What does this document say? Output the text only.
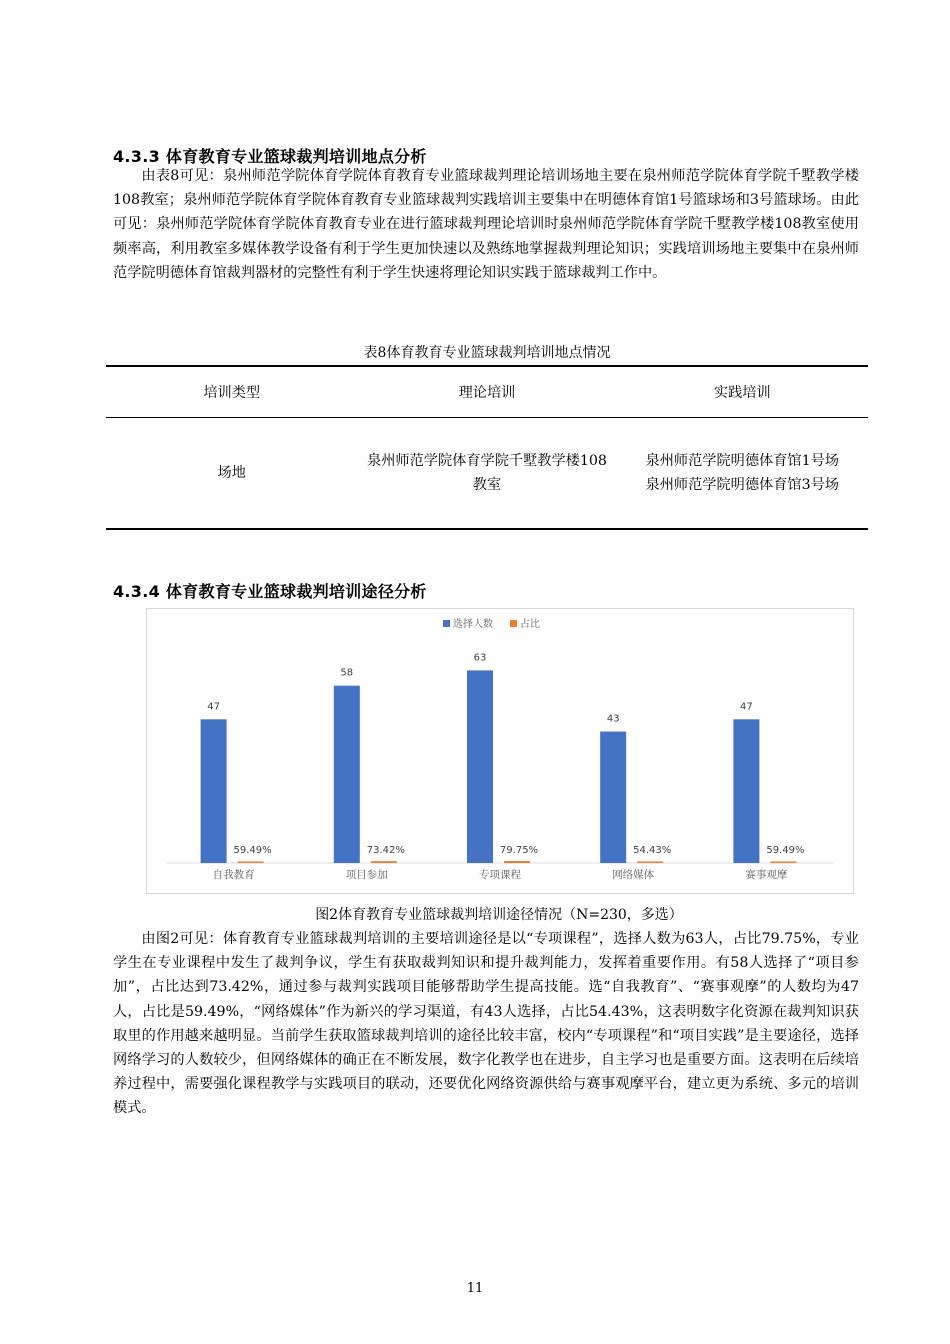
4.3.3 体育教育专业篮球裁判培训地点分析
由表8可见：泉州师范学院体育学院体育教育专业篮球裁判理论培训场地主要在泉州师范学院体育学院千墅教学楼108教室；泉州师范学院体育学院体育教育专业篮球裁判实践培训主要集中在明德体育馆1号篮球场和3号篮球场。由此可见：泉州师范学院体育学院体育教育专业在进行篮球裁判理论培训时泉州师范学院体育学院千墅教学楼108教室使用频率高，利用教室多媒体教学设备有利于学生更加快速以及熟练地掌握裁判理论知识；实践培训场地主要集中在泉州师范学院明德体育馆裁判器材的完整性有利于学生快速将理论知识实践于篮球裁判工作中。
表8体育教育专业篮球裁判培训地点情况
培训类型	理论培训	实践培训
场地	泉州师范学院体育学院千墅教学楼108教室	泉州师范学院明德体育馆1号场
泉州师范学院明德体育馆3号场
4.3.4 体育教育专业篮球裁判培训途径分析
选择人数	占比
47
59.49%
自我教育
58
73.42%
项目参加
63
79.75%
专项课程
43
54.43%
网络媒体
47
59.49%
赛事观摩
图2体育教育专业篮球裁判培训途径情况（N=230，多选）
由图2可见：体育教育专业篮球裁判培训的主要培训途径是以“专项课程”，选择人数为63人，占比79.75%，专业学生在专业课程中发生了裁判争议，学生有获取裁判知识和提升裁判能力，发挥着重要作用。有58人选择了“项目参加”，占比达到73.42%，通过参与裁判实践项目能够帮助学生提高技能。选“自我教育”、“赛事观摩”的人数均为47人，占比是59.49%，“网络媒体”作为新兴的学习渠道，有43人选择，占比54.43%，这表明数字化资源在裁判知识获取里的作用越来越明显。当前学生获取篮球裁判培训的途径比较丰富，校内“专项课程”和“项目实践”是主要途径，选择网络学习的人数较少，但网络媒体的确正在不断发展，数字化教学也在进步，自主学习也是重要方面。这表明在后续培养过程中，需要强化课程教学与实践项目的联动，还要优化网络资源供给与赛事观摩平台，建立更为系统、多元的培训模式。
11
